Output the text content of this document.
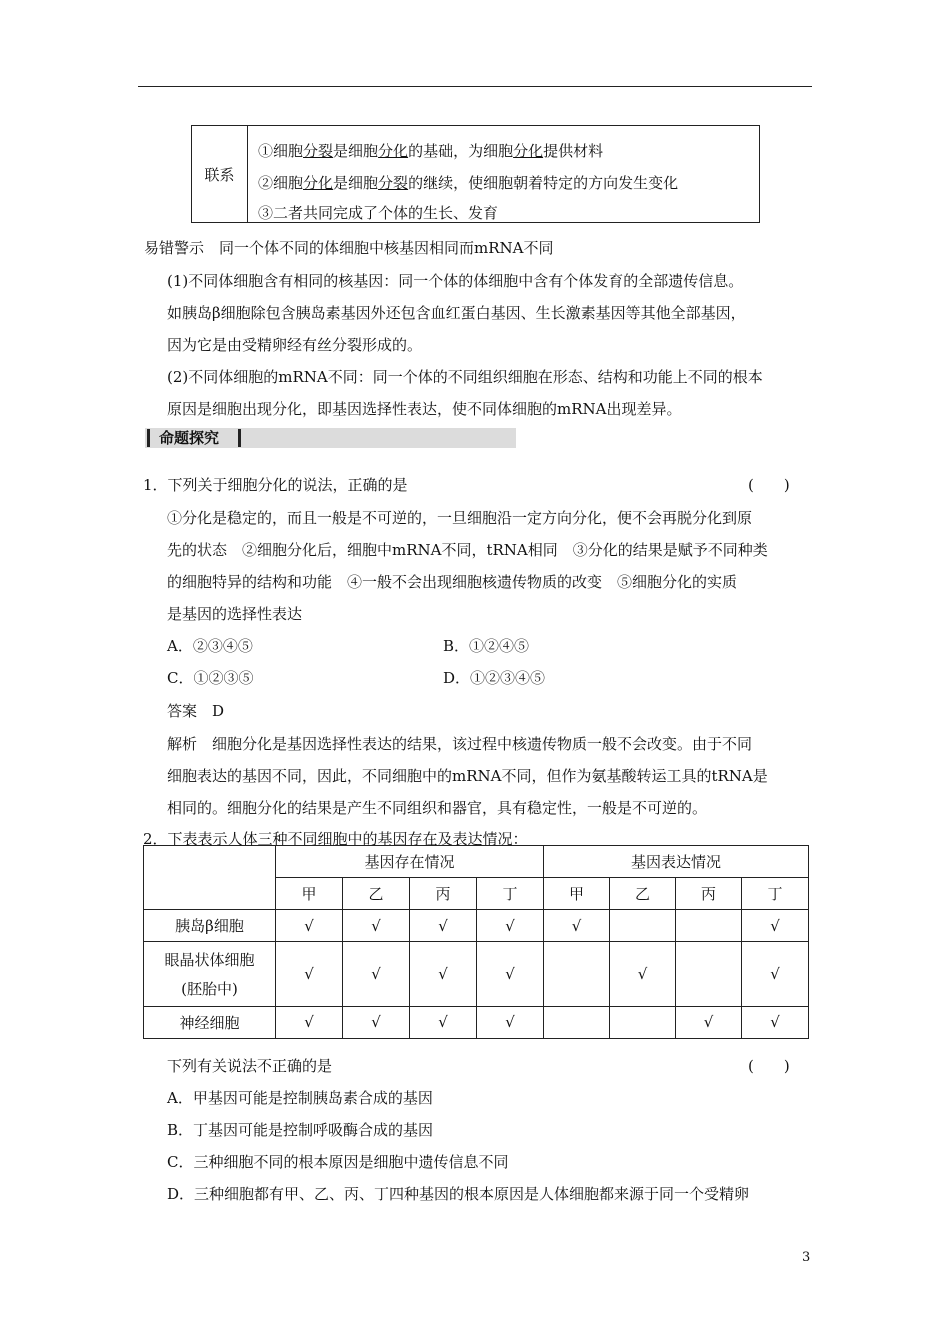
联系
①细胞分裂是细胞分化的基础，为细胞分化提供材料
②细胞分化是细胞分裂的继续，使细胞朝着特定的方向发生变化
③二者共同完成了个体的生长、发育
易错警示　同一个体不同的体细胞中核基因相同而mRNA不同
(1)不同体细胞含有相同的核基因：同一个体的体细胞中含有个体发育的全部遗传信息。
如胰岛β细胞除包含胰岛素基因外还包含血红蛋白基因、生长激素基因等其他全部基因，
因为它是由受精卵经有丝分裂形成的。
(2)不同体细胞的mRNA不同：同一个体的不同组织细胞在形态、结构和功能上不同的根本
原因是细胞出现分化，即基因选择性表达，使不同体细胞的mRNA出现差异。
命题探究
1．下列关于细胞分化的说法，正确的是	(　　)
①分化是稳定的，而且一般是不可逆的，一旦细胞沿一定方向分化，便不会再脱分化到原
先的状态　②细胞分化后，细胞中mRNA不同，tRNA相同　③分化的结果是赋予不同种类
的细胞特异的结构和功能　④一般不会出现细胞核遗传物质的改变　⑤细胞分化的实质
是基因的选择性表达
A．②③④⑤	B．①②④⑤
C．①②③⑤	D．①②③④⑤
答案　D
解析　细胞分化是基因选择性表达的结果，该过程中核遗传物质一般不会改变。由于不同
细胞表达的基因不同，因此，不同细胞中的mRNA不同，但作为氨基酸转运工具的tRNA是
相同的。细胞分化的结果是产生不同组织和器官，具有稳定性，一般是不可逆的。
2．下表表示人体三种不同细胞中的基因存在及表达情况：
	基因存在情况				基因表达情况			
	甲	乙	丙	丁	甲	乙	丙	丁
胰岛β细胞	√	√	√	√	√			√

眼晶状体细胞
(胚胎中)	√	√	√	√		√		√
神经细胞	√	√	√	√			√	√
下列有关说法不正确的是	(　　)
A．甲基因可能是控制胰岛素合成的基因
B．丁基因可能是控制呼吸酶合成的基因
C．三种细胞不同的根本原因是细胞中遗传信息不同
D．三种细胞都有甲、乙、丙、丁四种基因的根本原因是人体细胞都来源于同一个受精卵
3
